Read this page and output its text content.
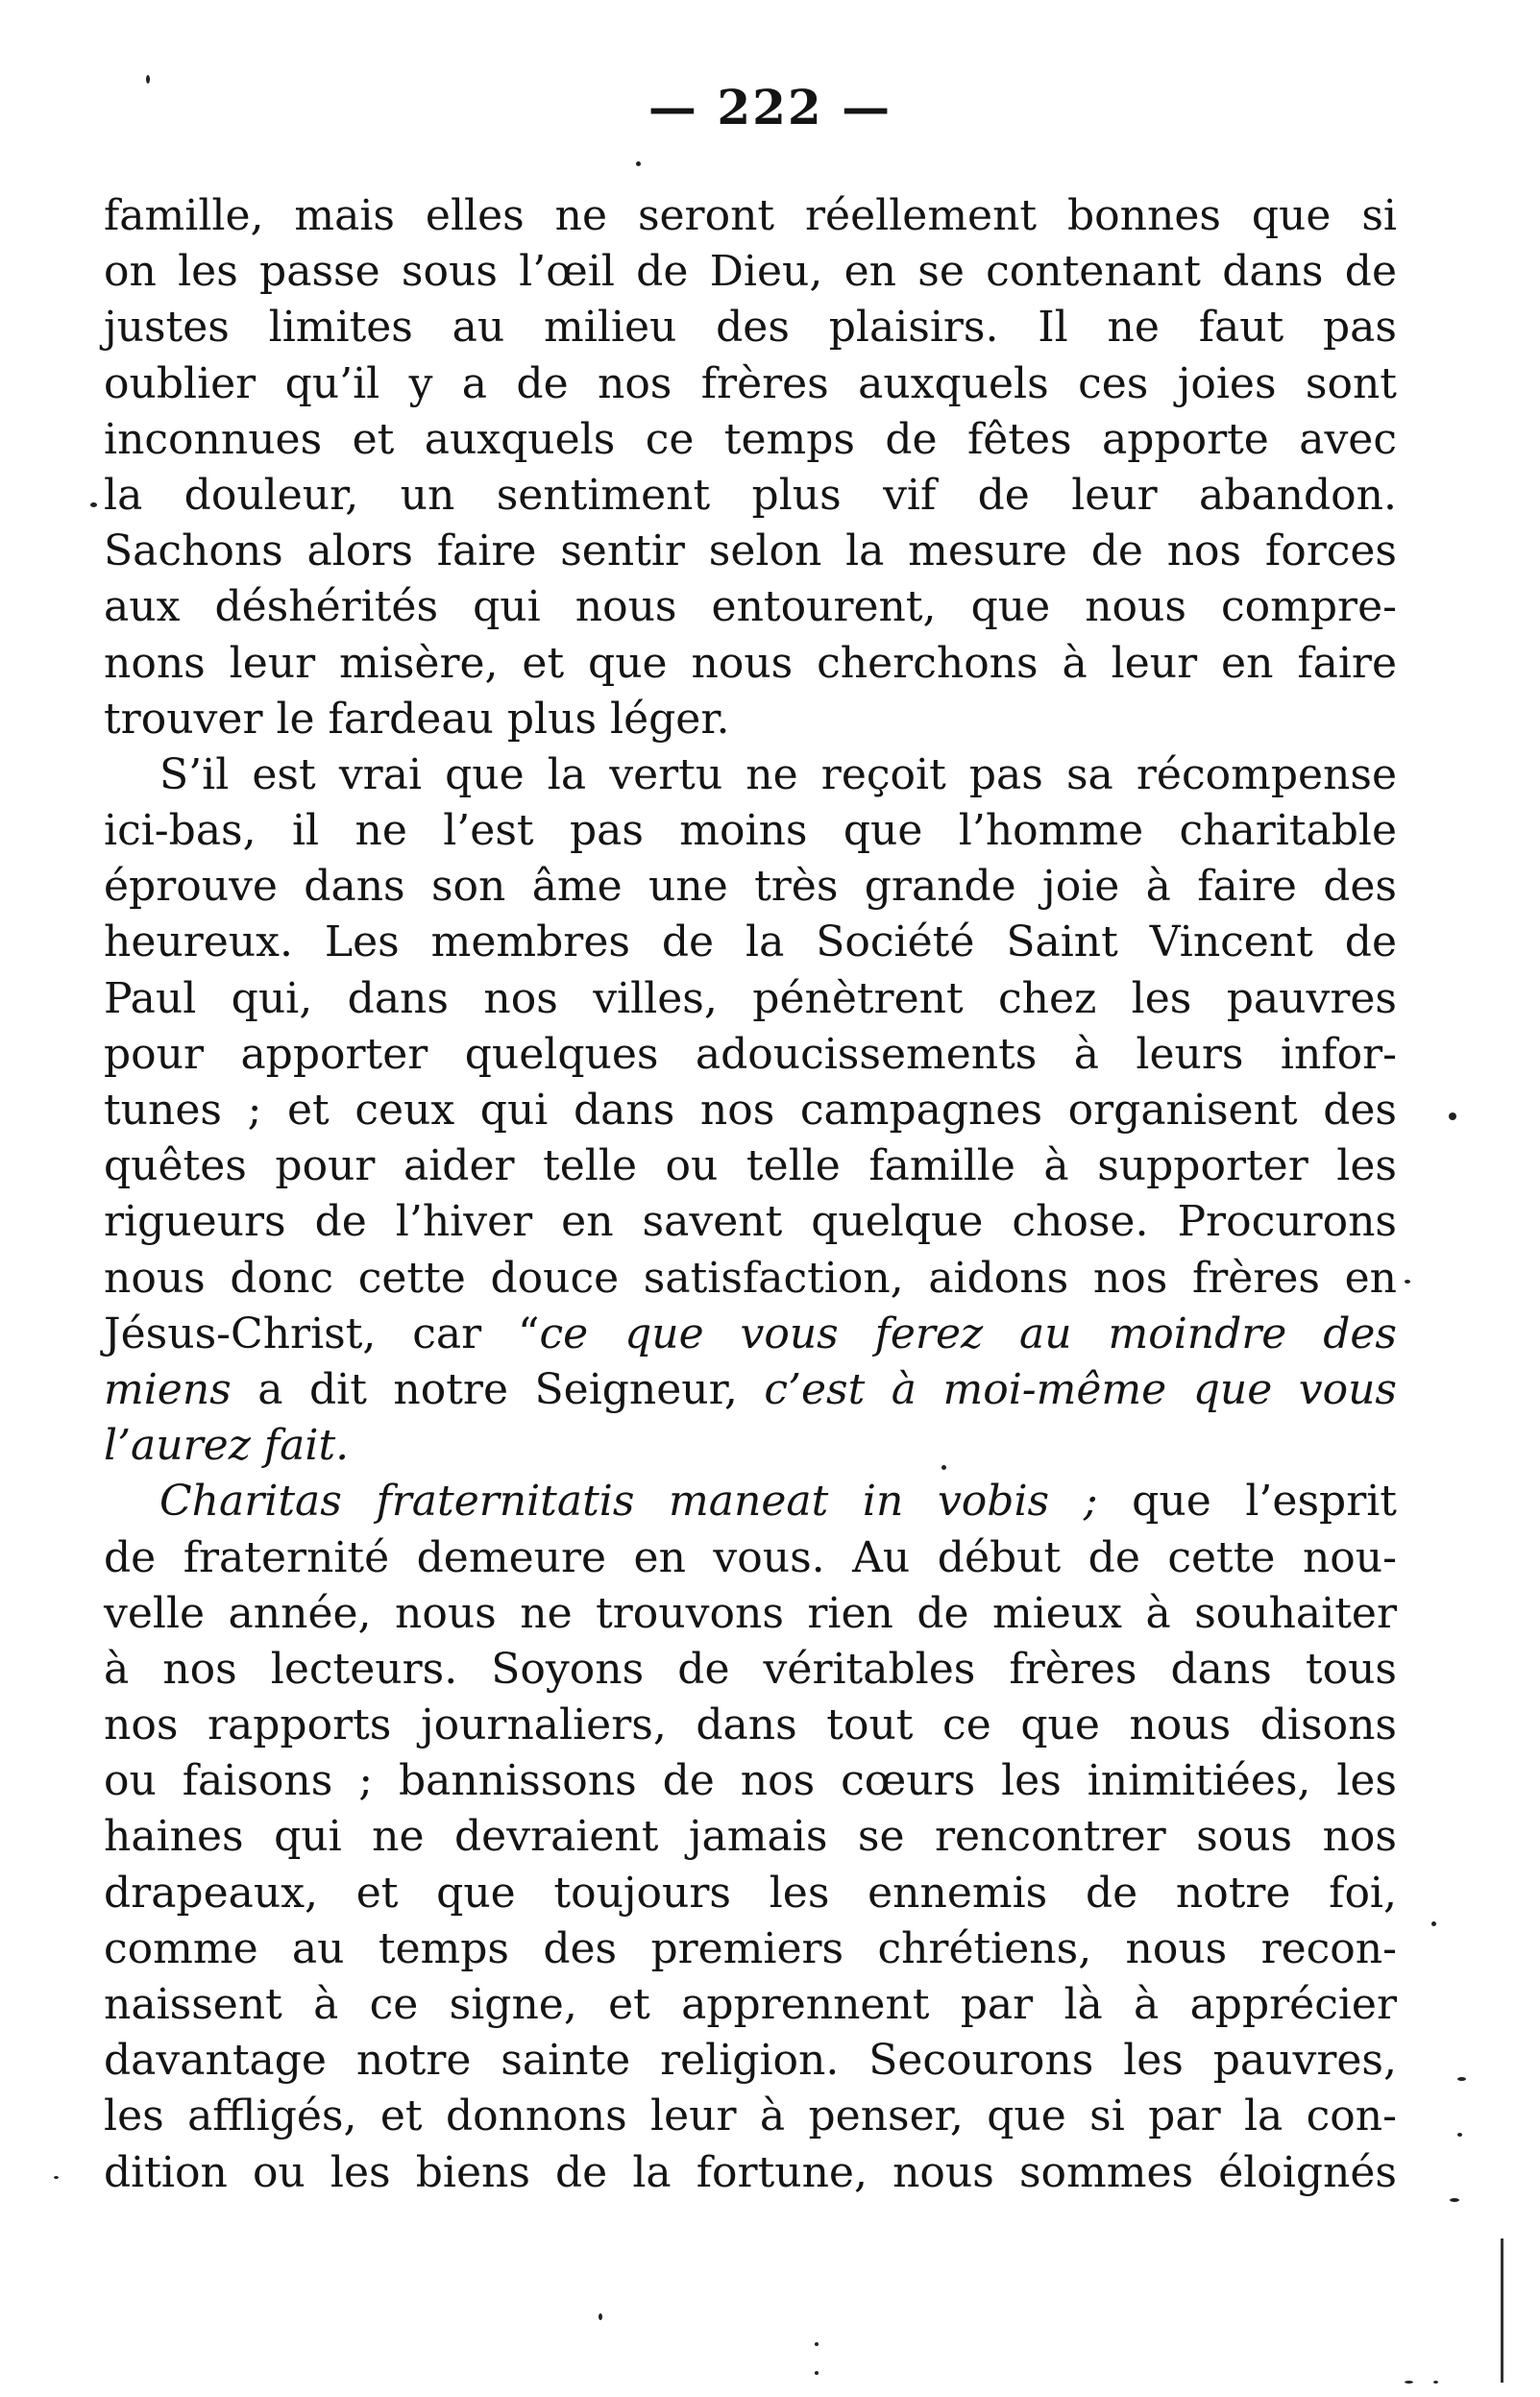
— 222 —
famille, mais elles ne seront réellement bonnes que si
on les passe sous l’œil de Dieu, en se contenant dans de
justes limites au milieu des plaisirs. Il ne faut pas
oublier qu’il y a de nos frères auxquels ces joies sont
inconnues et auxquels ce temps de fêtes apporte avec
la douleur, un sentiment plus vif de leur abandon.
Sachons alors faire sentir selon la mesure de nos forces
aux déshérités qui nous entourent, que nous compre-
nons leur misère, et que nous cherchons à leur en faire
trouver le fardeau plus léger.
S’il est vrai que la vertu ne reçoit pas sa récompense
ici-bas, il ne l’est pas moins que l’homme charitable
éprouve dans son âme une très grande joie à faire des
heureux. Les membres de la Société Saint Vincent de
Paul qui, dans nos villes, pénètrent chez les pauvres
pour apporter quelques adoucissements à leurs infor-
tunes ; et ceux qui dans nos campagnes organisent des
quêtes pour aider telle ou telle famille à supporter les
rigueurs de l’hiver en savent quelque chose. Procurons
nous donc cette douce satisfaction, aidons nos frères en
Jésus-Christ, car “ce que vous ferez au moindre des
miens a dit notre Seigneur, c’est à moi-même que vous
l’aurez fait.
Charitas fraternitatis maneat in vobis ; que l’esprit
de fraternité demeure en vous. Au début de cette nou-
velle année, nous ne trouvons rien de mieux à souhaiter
à nos lecteurs. Soyons de véritables frères dans tous
nos rapports journaliers, dans tout ce que nous disons
ou faisons ; bannissons de nos cœurs les inimitiées, les
haines qui ne devraient jamais se rencontrer sous nos
drapeaux, et que toujours les ennemis de notre foi,
comme au temps des premiers chrétiens, nous recon-
naissent à ce signe, et apprennent par là à apprécier
davantage notre sainte religion. Secourons les pauvres,
les affligés, et donnons leur à penser, que si par la con-
dition ou les biens de la fortune, nous sommes éloignés
